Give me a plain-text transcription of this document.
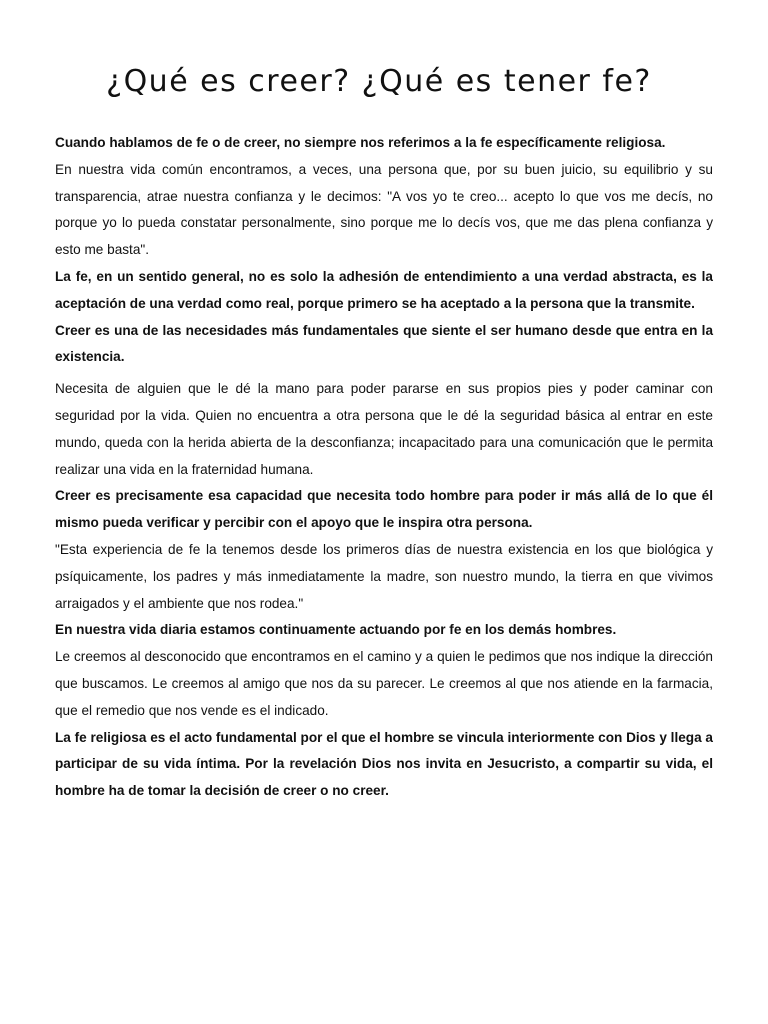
¿Qué es creer? ¿Qué es tener fe?

Cuando hablamos de fe o de creer, no siempre nos referimos a la fe específicamente religiosa.

En nuestra vida común encontramos, a veces, una persona que, por su buen juicio, su equilibrio y su transparencia, atrae nuestra confianza y le decimos: "A vos yo te creo... acepto lo que vos me decís, no porque yo lo pueda constatar personalmente, sino porque me lo decís vos, que me das plena confianza y esto me basta".

La fe, en un sentido general, no es solo la adhesión de entendimiento a una verdad abstracta, es la aceptación de una verdad como real, porque primero se ha aceptado a la persona que la transmite.

Creer es una de las necesidades más fundamentales que siente el ser humano desde que entra en la existencia.

Necesita de alguien que le dé la mano para poder pararse en sus propios pies y poder caminar con seguridad por la vida. Quien no encuentra a otra persona que le dé la seguridad básica al entrar en este mundo, queda con la herida abierta de la desconfianza; incapacitado para una comunicación que le permita realizar una vida en la fraternidad humana.

Creer es precisamente esa capacidad que necesita todo hombre para poder ir más allá de lo que él mismo pueda verificar y percibir con el apoyo que le inspira otra persona.

"Esta experiencia de fe la tenemos desde los primeros días de nuestra existencia en los que biológica y psíquicamente, los padres y más inmediatamente la madre, son nuestro mundo, la tierra en que vivimos arraigados y el ambiente que nos rodea."

En nuestra vida diaria estamos continuamente actuando por fe en los demás hombres.

Le creemos al desconocido que encontramos en el camino y a quien le pedimos que nos indique la dirección que buscamos. Le creemos al amigo que nos da su parecer. Le creemos al que nos atiende en la farmacia, que el remedio que nos vende es el indicado.

La fe religiosa es el acto fundamental por el que el hombre se vincula interiormente con Dios y llega a participar de su vida íntima. Por la revelación Dios nos invita en Jesucristo, a compartir su vida, el hombre ha de tomar la decisión de creer o no creer.
